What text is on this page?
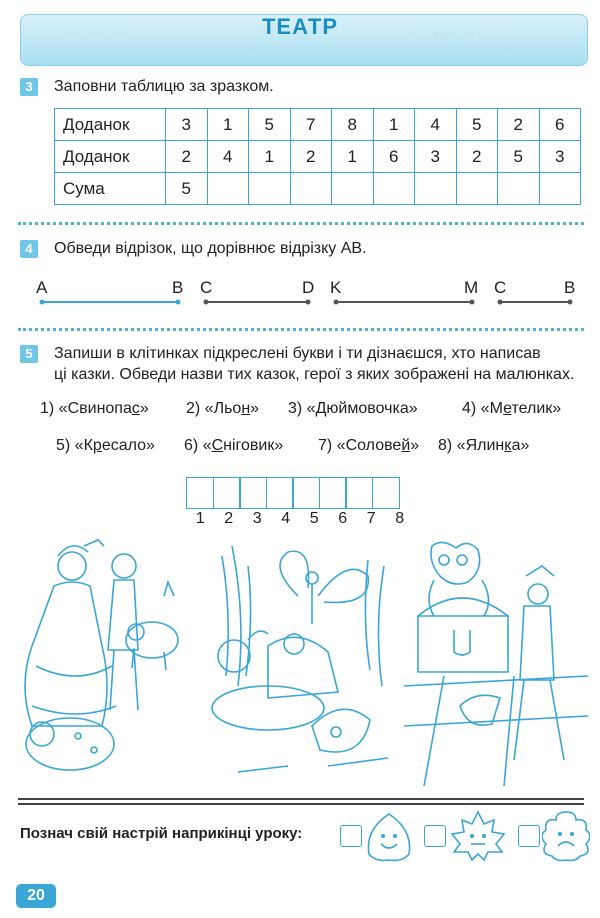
· · ─────── ·	· ТЕАТР ·
ТЕАТР
3	Заповни таблицю за зразком.
Доданок	3	1	5	7	8	1	4	5	2	6
Доданок	2	4	1	2	1	6	3	2	5	3
Сума	5									
4	Обведи відрізок, що дорівнює відрізку АВ.
A	B C	D K	M C	B
5	Запиши в клітинках підкреслені букви і ти дізнаєшся, хто написав
ці казки. Обведи назви тих казок, герої з яких зображені на малюнках.
1) «Свинопас» 2) «Льон» 3) «Дюймовочка»	4) «Метелик»
5) «Кресало» 6) «Сніговик» 7) «Соловей» 8) «Ялинка»
1	2	3	4	5	6	7	8
Познач свій настрій наприкінці уроку:
20
